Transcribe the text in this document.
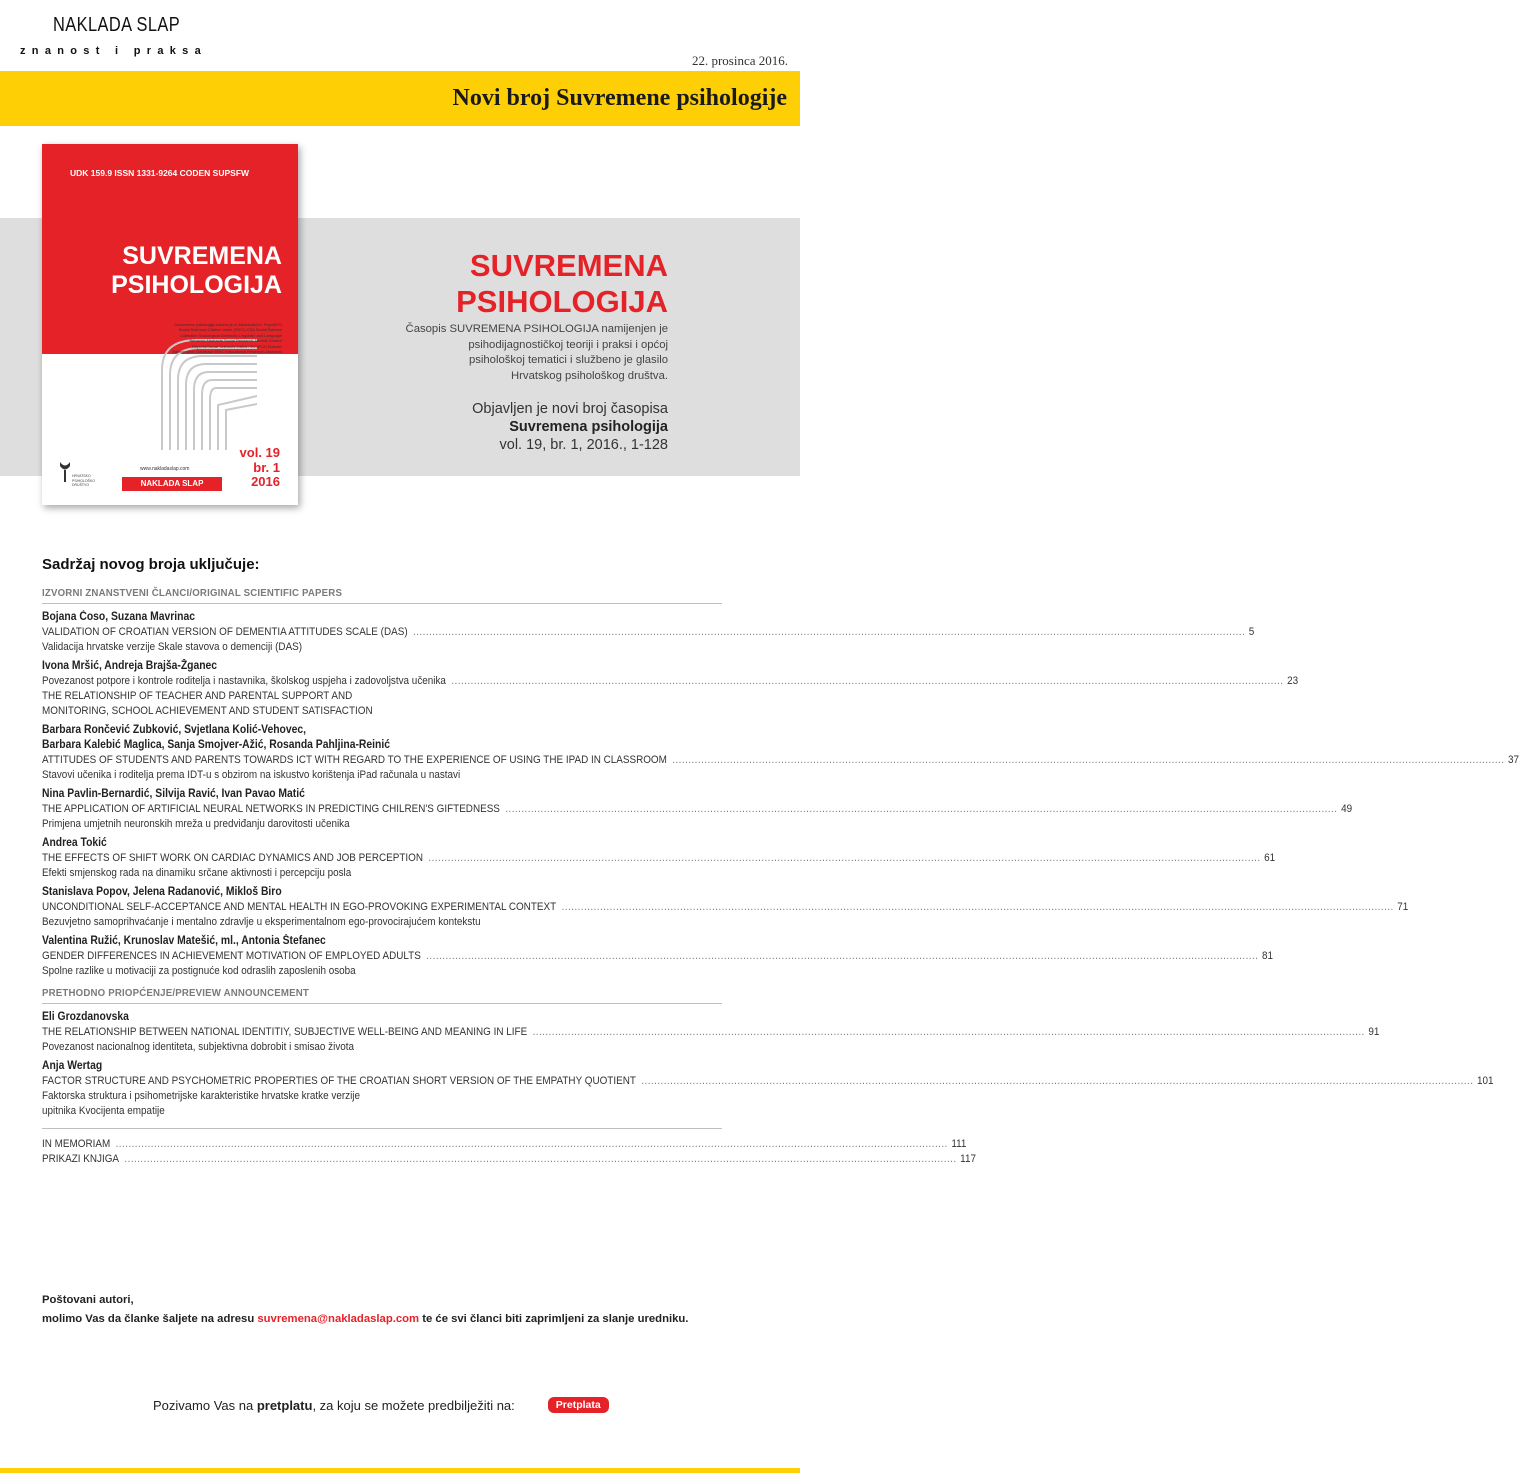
NAKLADA SLAP
znanost i praksa
22. prosinca 2016.
Novi broj Suvremene psihologije
UDK 159.9 ISSN 1331-9264 CODEN SUPSFW
SUVREMENA
PSIHOLOGIJA
Suvremena psihologija citirana je u/ Abstracted in: PsycINFO Social Sciences Citation Index (SSCI) CSA Social Science Collection Sociological Abstracts Linguistic and Language Behavior Abstracts Social Research Journal Citation Reports/Social Sciences Edition SCOPUS Elsevier Bibliographic Database ERIC Educational Research Abstracts
HRVATSKO PSIHOLOŠKO DRUŠTVO
vol. 19
br. 1
2016
www.nakladaslap.com
NAKLADA SLAP
SUVREMENA
PSIHOLOGIJA
Časopis SUVREMENA PSIHOLOGIJA namijenjen je
psihodijagnostičkoj teoriji i praksi i općoj
psihološkoj tematici i službeno je glasilo
Hrvatskog psihološkog društva.
Objavljen je novi broj časopisa
Suvremena psihologija
vol. 19, br. 1, 2016., 1-128
Sadržaj novog broja uključuje:
IZVORNI ZNANSTVENI ČLANCI/ORIGINAL SCIENTIFIC PAPERS
Bojana Ćoso, Suzana Mavrinac
VALIDATION OF CROATIAN VERSION OF DEMENTIA ATTITUDES SCALE (DAS) .................................................................................................................................................................................................................................................................... 5
Validacija hrvatske verzije Skale stavova o demenciji (DAS)
Ivona Mršić, Andreja Brajša-Žganec
Povezanost potpore i kontrole roditelja i nastavnika, školskog uspjeha i zadovoljstva učenika .................................................................................................................................................................................................................................................................... 23
THE RELATIONSHIP OF TEACHER AND PARENTAL SUPPORT AND
MONITORING, SCHOOL ACHIEVEMENT AND STUDENT SATISFACTION
Barbara Rončević Zubković, Svjetlana Kolić-Vehovec,
Barbara Kalebić Maglica, Sanja Smojver-Ažić, Rosanda Pahljina-Reinić
ATTITUDES OF STUDENTS AND PARENTS TOWARDS ICT WITH REGARD TO THE EXPERIENCE OF USING THE IPAD IN CLASSROOM .................................................................................................................................................................................................................................................................... 37
Stavovi učenika i roditelja prema IDT-u s obzirom na iskustvo korištenja iPad računala u nastavi
Nina Pavlin-Bernardić, Silvija Ravić, Ivan Pavao Matić
THE APPLICATION OF ARTIFICIAL NEURAL NETWORKS IN PREDICTING CHILREN'S GIFTEDNESS .................................................................................................................................................................................................................................................................... 49
Primjena umjetnih neuronskih mreža u predviđanju darovitosti učenika
Andrea Tokić
THE EFFECTS OF SHIFT WORK ON CARDIAC DYNAMICS AND JOB PERCEPTION .................................................................................................................................................................................................................................................................... 61
Efekti smjenskog rada na dinamiku srčane aktivnosti i percepciju posla
Stanislava Popov, Jelena Radanović, Mikloš Biro
UNCONDITIONAL SELF-ACCEPTANCE AND MENTAL HEALTH IN EGO-PROVOKING EXPERIMENTAL CONTEXT .................................................................................................................................................................................................................................................................... 71
Bezuvjetno samoprihvaćanje i mentalno zdravlje u eksperimentalnom ego-provocirajućem kontekstu
Valentina Ružić, Krunoslav Matešić, ml., Antonia Štefanec
GENDER DIFFERENCES IN ACHIEVEMENT MOTIVATION OF EMPLOYED ADULTS .................................................................................................................................................................................................................................................................... 81
Spolne razlike u motivaciji za postignuće kod odraslih zaposlenih osoba
PRETHODNO PRIOPĆENJE/PREVIEW ANNOUNCEMENT
Eli Grozdanovska
THE RELATIONSHIP BETWEEN NATIONAL IDENTITIY, SUBJECTIVE WELL-BEING AND MEANING IN LIFE .................................................................................................................................................................................................................................................................... 91
Povezanost nacionalnog identiteta, subjektivna dobrobit i smisao života
Anja Wertag
FACTOR STRUCTURE AND PSYCHOMETRIC PROPERTIES OF THE CROATIAN SHORT VERSION OF THE EMPATHY QUOTIENT .................................................................................................................................................................................................................................................................... 101
Faktorska struktura i psihometrijske karakteristike hrvatske kratke verzije
upitnika Kvocijenta empatije
IN MEMORIAM .................................................................................................................................................................................................................................................................... 111
PRIKAZI KNJIGA .................................................................................................................................................................................................................................................................... 117
Poštovani autori,
molimo Vas da članke šaljete na adresu suvremena@nakladaslap.com te će svi članci biti zaprimljeni za slanje uredniku.
Pozivamo Vas na pretplatu, za koju se možete predbilježiti na:	Pretplata
